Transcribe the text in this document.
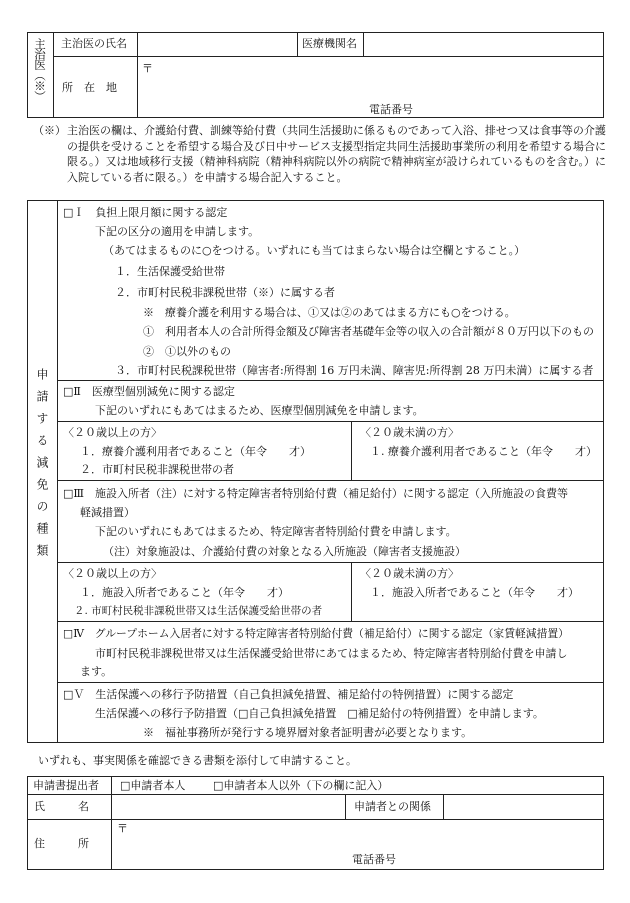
主治医（※） 主治医の氏名	医療機関名
〒
所　在　地
電話番号
（※） 主治医の欄は、介護給付費、訓練等給付費（共同生活援助に係るものであって入浴、排せつ又は食事等の介護の提供を受けることを希望する場合及び日中サービス支援型指定共同生活援助事業所の利用を希望する場合に限る。）又は地域移行支援（精神科病院（精神科病院以外の病院で精神病室が設けられているものを含む。）に入院している者に限る。）を申請する場合記入すること。
申請する減免の種類
□Ｉ　負担上限月額に関する認定
下記の区分の適用を申請します。
（あてはまるものに○をつける。いずれにも当てはまらない場合は空欄とすること。）
１．生活保護受給世帯
２．市町村民税非課税世帯（※）に属する者
※　療養介護を利用する場合は、①又は②のあてはまる方にも○をつける。
①　利用者本人の合計所得金額及び障害者基礎年金等の収入の合計額が８０万円以下のもの
②　①以外のもの
３．市町村民税課税世帯（障害者:所得割 16 万円未満、障害児:所得割 28 万円未満）に属する者
□Ⅱ　医療型個別減免に関する認定
下記のいずれにもあてはまるため、医療型個別減免を申請します。
〈２０歳以上の方〉
１．療養介護利用者であること（年令　　才）
２．市町村民税非課税世帯の者
〈２０歳未満の方〉
１. 療養介護利用者であること（年令　　才）
□Ⅲ　施設入所者（注）に対する特定障害者特別給付費（補足給付）に関する認定（入所施設の食費等
軽減措置）
下記のいずれにもあてはまるため、特定障害者特別給付費を申請します。
（注）対象施設は、介護給付費の対象となる入所施設（障害者支援施設）
〈２０歳以上の方〉
１．施設入所者であること（年令　　才）
２. 市町村民税非課税世帯又は生活保護受給世帯の者
〈２０歳未満の方〉
１．施設入所者であること（年令　　才）
□Ⅳ　グループホーム入居者に対する特定障害者特別給付費（補足給付）に関する認定（家賃軽減措置）
市町村民税非課税世帯又は生活保護受給世帯にあてはまるため、特定障害者特別給付費を申請し
ます。
□Ｖ　生活保護への移行予防措置（自己負担減免措置、補足給付の特例措置）に関する認定
生活保護への移行予防措置（□自己負担減免措置　□補足給付の特例措置）を申請します。
※　福祉事務所が発行する境界層対象者証明書が必要となります。
いずれも、事実関係を確認できる書類を添付して申請すること。
申請書提出者 □申請者本人	□申請者本人以外（下の欄に記入）
氏　　　名	申請者との関係
〒
住　　　所
電話番号
